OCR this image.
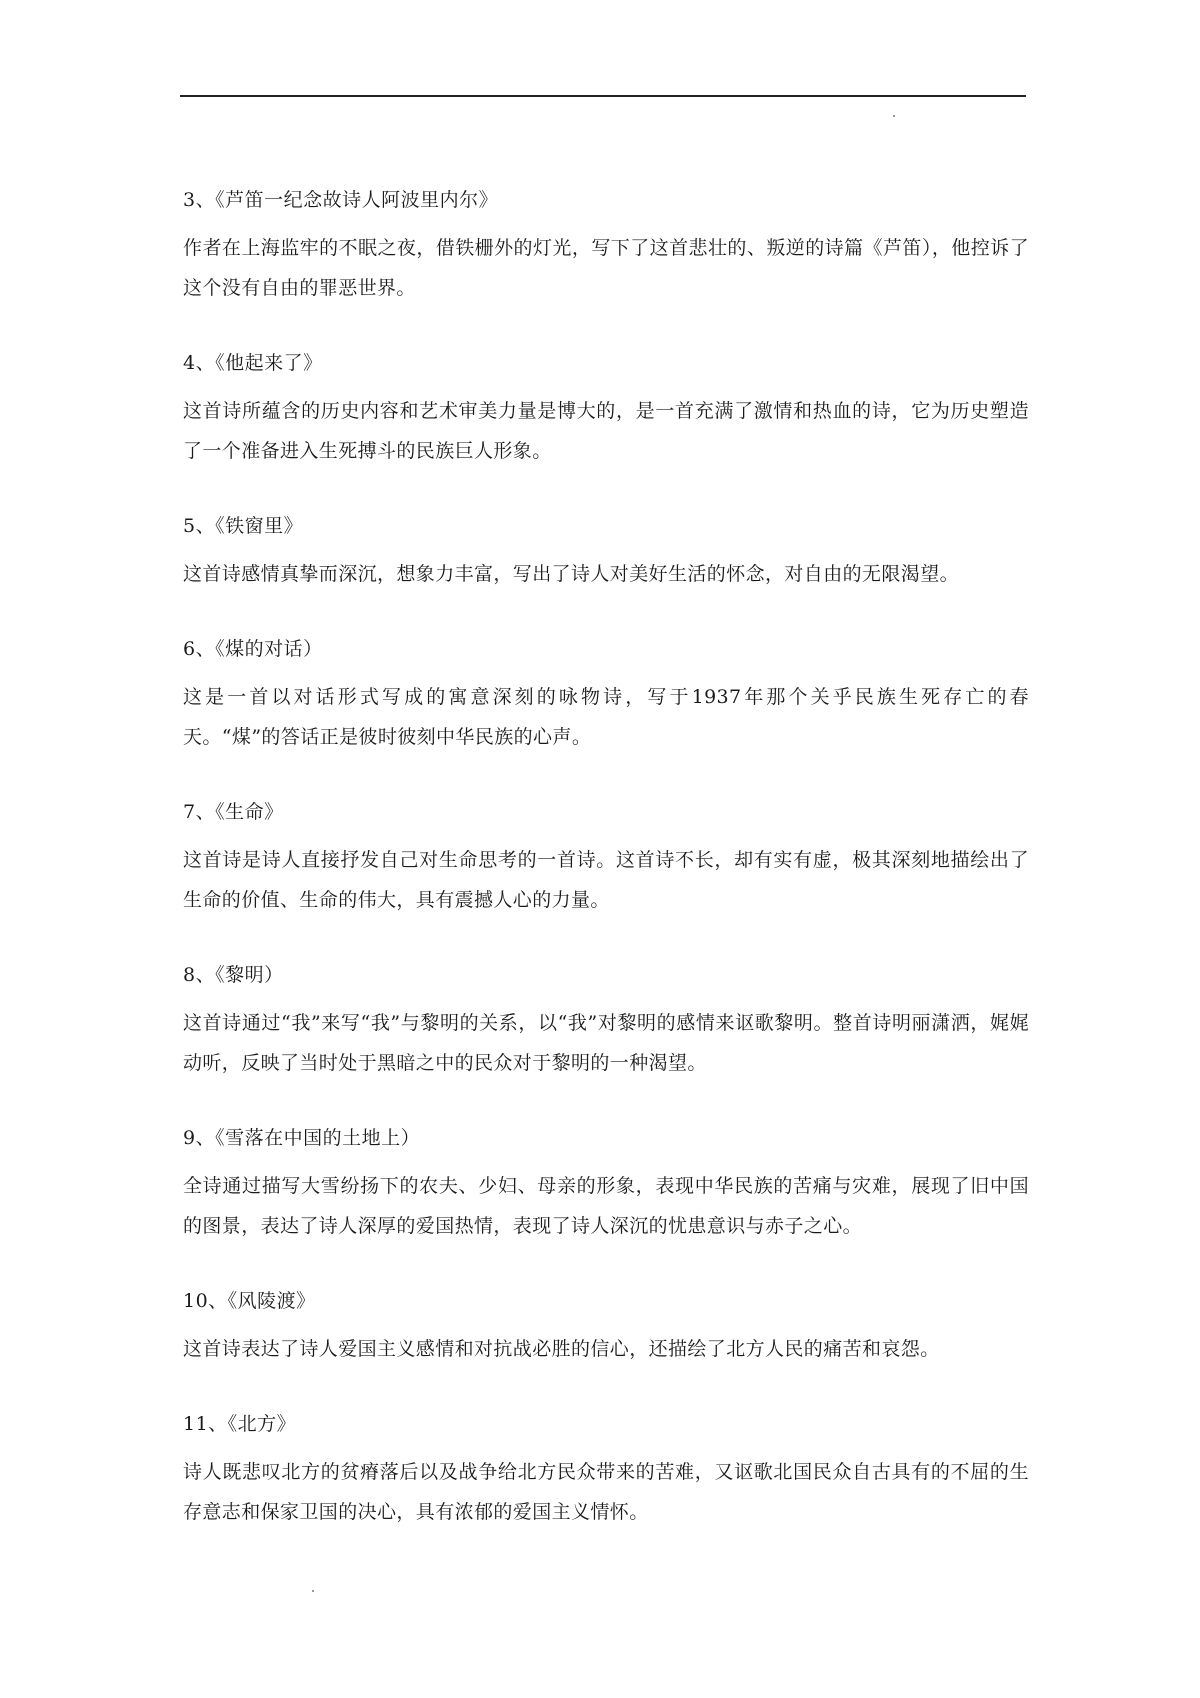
3、《芦笛一纪念故诗人阿波里内尔》

作者在上海监牢的不眠之夜，借铁栅外的灯光，写下了这首悲壮的、叛逆的诗篇《芦笛），他控诉了这个没有自由的罪恶世界。

4、《他起来了》

这首诗所蕴含的历史内容和艺术审美力量是博大的，是一首充满了激情和热血的诗，它为历史塑造了一个准备进入生死搏斗的民族巨人形象。

5、《铁窗里》

这首诗感情真挚而深沉，想象力丰富，写出了诗人对美好生活的怀念，对自由的无限渴望。

6、《煤的对话）

这是一首以对话形式写成的寓意深刻的咏物诗，写于1937年那个关乎民族生死存亡的春天。“煤”的答话正是彼时彼刻中华民族的心声。

7、《生命》

这首诗是诗人直接抒发自己对生命思考的一首诗。这首诗不长，却有实有虚，极其深刻地描绘出了生命的价值、生命的伟大，具有震撼人心的力量。

8、《黎明）

这首诗通过“我”来写“我”与黎明的关系，以“我”对黎明的感情来讴歌黎明。整首诗明丽潇洒，娓娓动听，反映了当时处于黑暗之中的民众对于黎明的一种渴望。

9、《雪落在中国的土地上）

全诗通过描写大雪纷扬下的农夫、少妇、母亲的形象，表现中华民族的苦痛与灾难，展现了旧中国的图景，表达了诗人深厚的爱国热情，表现了诗人深沉的忧患意识与赤子之心。

10、《风陵渡》

这首诗表达了诗人爱国主义感情和对抗战必胜的信心，还描绘了北方人民的痛苦和哀怨。

11、《北方》

诗人既悲叹北方的贫瘠落后以及战争给北方民众带来的苦难，又讴歌北国民众自古具有的不屈的生存意志和保家卫国的决心，具有浓郁的爱国主义情怀。
